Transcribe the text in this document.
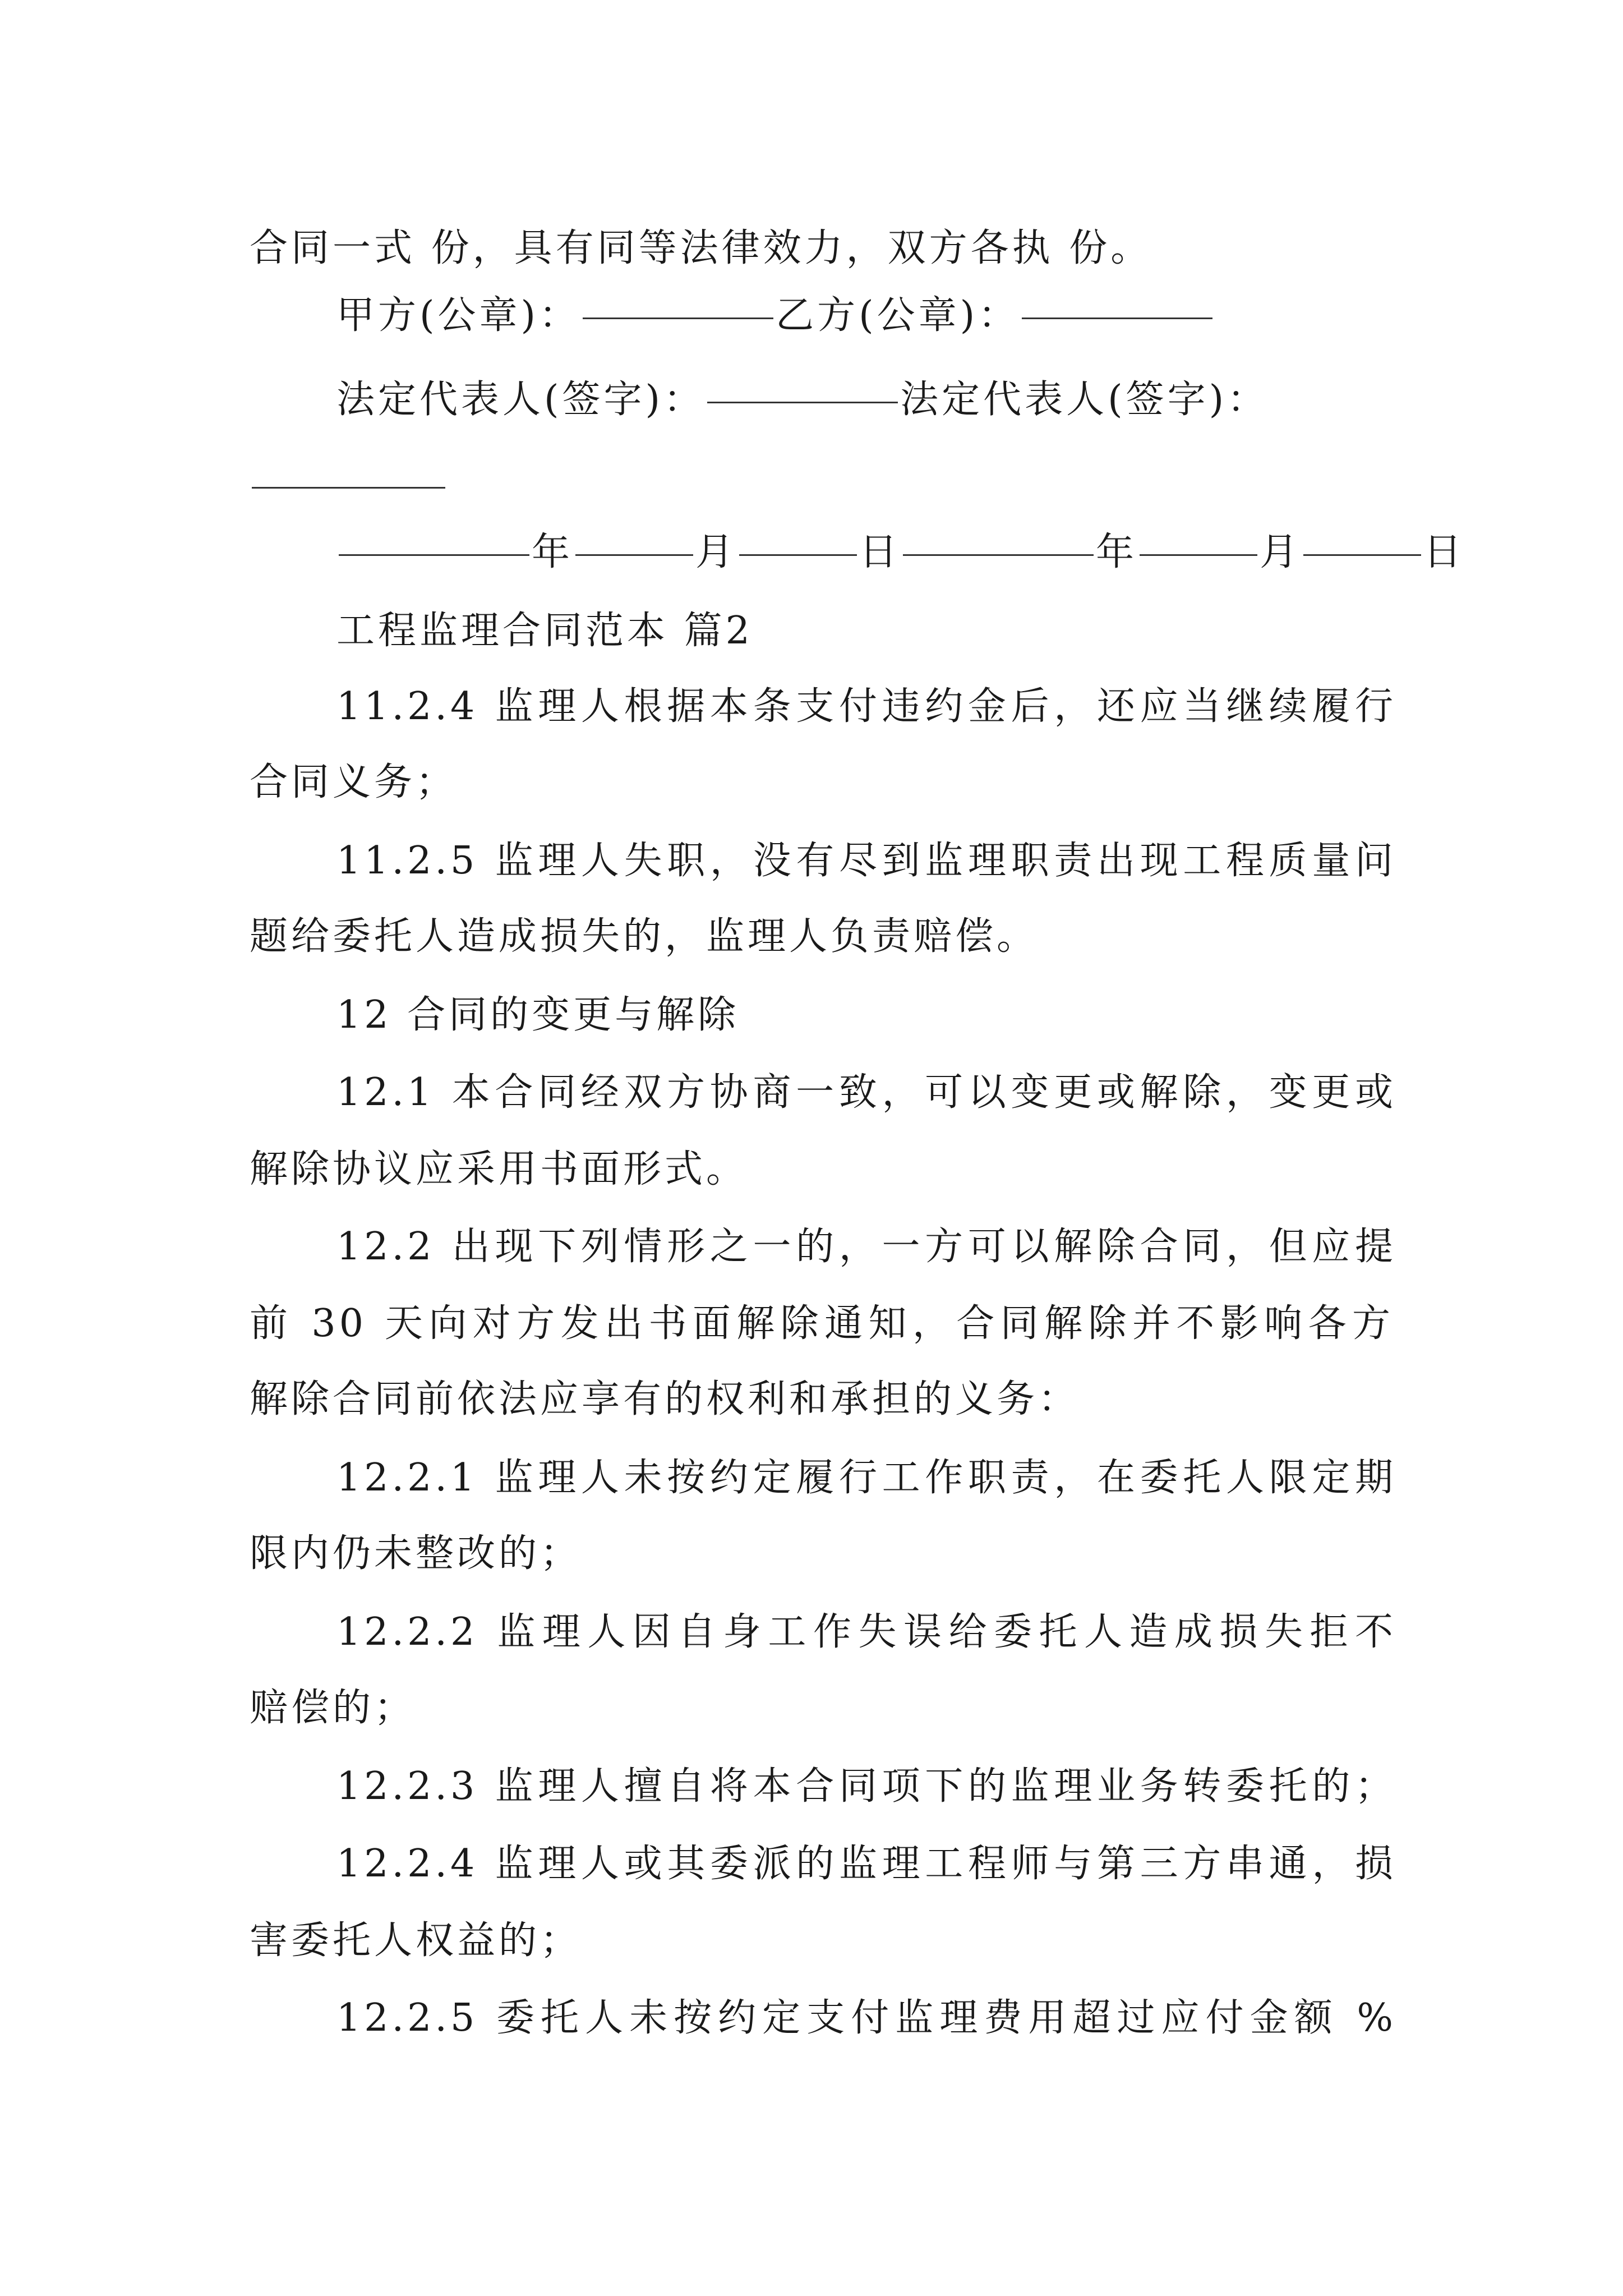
合同一式 份，具有同等法律效力，双方各执 份。
甲方(公章)：	乙方(公章)：
法定代表人(签字)：	法定代表人(签字)：
年	月	日	年	月	日
工程监理合同范本 篇2
11.2.4 监理人根据本条支付违约金后，还应当继续履行
合同义务；
11.2.5 监理人失职，没有尽到监理职责出现工程质量问
题给委托人造成损失的，监理人负责赔偿。
12 合同的变更与解除
12.1 本合同经双方协商一致，可以变更或解除，变更或
解除协议应采用书面形式。
12.2 出现下列情形之一的，一方可以解除合同，但应提
前 30 天向对方发出书面解除通知，合同解除并不影响各方
解除合同前依法应享有的权利和承担的义务：
12.2.1 监理人未按约定履行工作职责，在委托人限定期
限内仍未整改的；
12.2.2 监理人因自身工作失误给委托人造成损失拒不
赔偿的；
12.2.3 监理人擅自将本合同项下的监理业务转委托的；
12.2.4 监理人或其委派的监理工程师与第三方串通，损
害委托人权益的；
12.2.5 委托人未按约定支付监理费用超过应付金额 %
